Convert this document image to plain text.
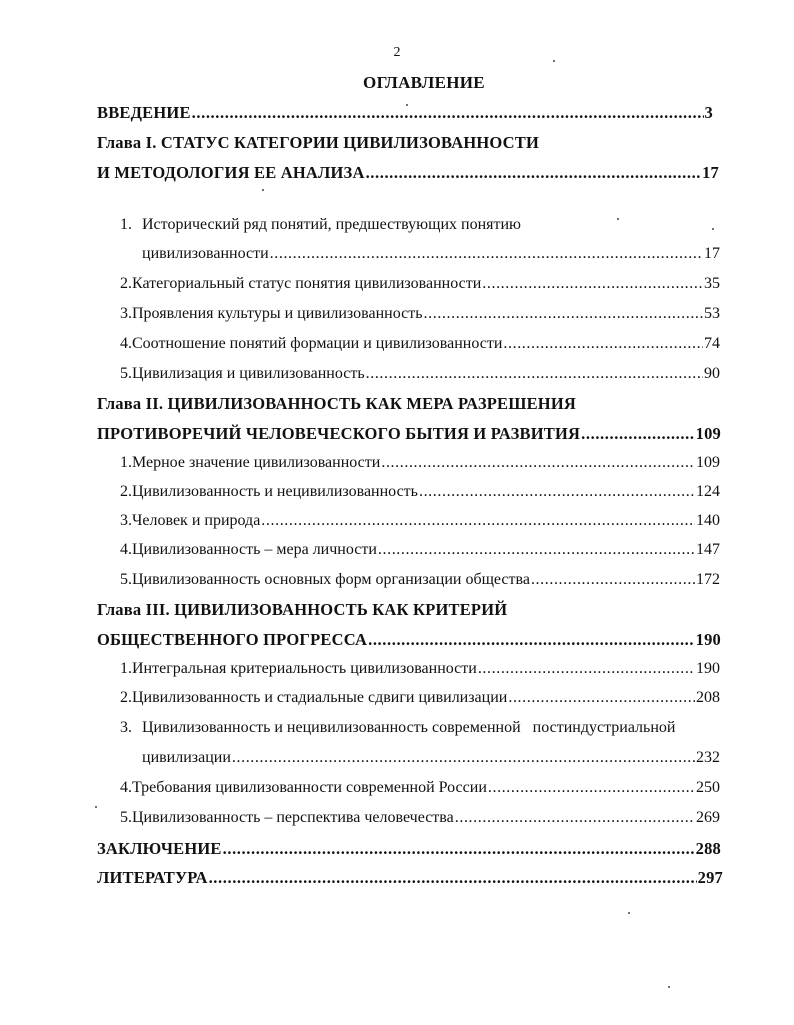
2
ОГЛАВЛЕНИЕ
ВВЕДЕНИЕ .....	3
Глава I. СТАТУС КАТЕГОРИИ ЦИВИЛИЗОВАННОСТИ
И МЕТОДОЛОГИЯ ЕЕ АНАЛИЗА .....	17
1. Исторический ряд понятий, предшествующих понятию
цивилизованности .....	17
2. Категориальный статус понятия цивилизованности .....	35
3. Проявления культуры и цивилизованность .....	53
4. Соотношение понятий формации и цивилизованности .....	74
5. Цивилизация и цивилизованность .....	90
Глава II. ЦИВИЛИЗОВАННОСТЬ КАК МЕРА РАЗРЕШЕНИЯ
ПРОТИВОРЕЧИЙ ЧЕЛОВЕЧЕСКОГО БЫТИЯ И РАЗВИТИЯ .....	109
1. Мерное значение цивилизованности .....	109
2. Цивилизованность и нецивилизованность .....	124
3. Человек и природа .....	140
4. Цивилизованность – мера личности .....	147
5. Цивилизованность основных форм организации общества .....	172
Глава III. ЦИВИЛИЗОВАННОСТЬ КАК КРИТЕРИЙ
ОБЩЕСТВЕННОГО ПРОГРЕССА .....	190
1. Интегральная критериальность цивилизованности .....	190
2. Цивилизованность и стадиальные сдвиги цивилизации .....	208
3. Цивилизованность и нецивилизованность современной   постиндустриальной
цивилизации .....	232
4. Требования цивилизованности современной России .....	250
5. Цивилизованность – перспектива человечества .....	269
ЗАКЛЮЧЕНИЕ .....	288
ЛИТЕРАТУРА .....	297
